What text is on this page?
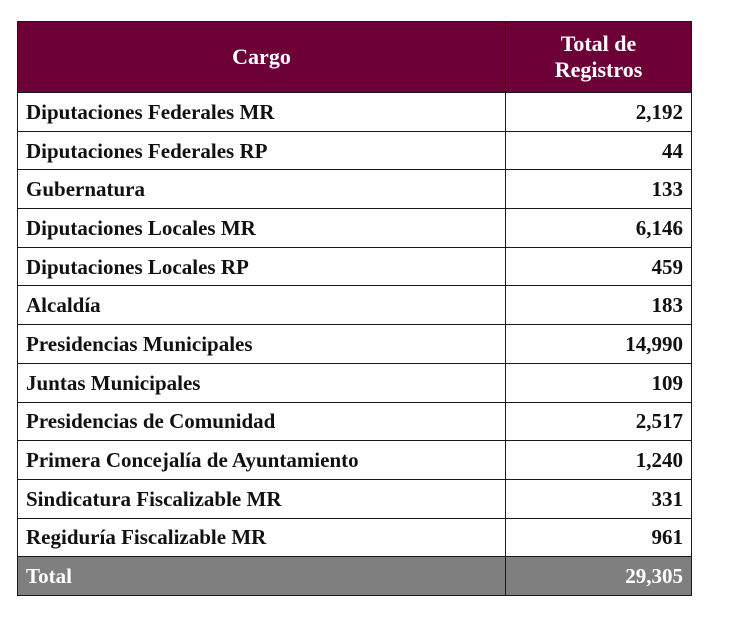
Cargo	Total de
Registros
Diputaciones Federales MR	2,192
Diputaciones Federales RP	44
Gubernatura	133
Diputaciones Locales MR	6,146
Diputaciones Locales RP	459
Alcaldía	183
Presidencias Municipales	14,990
Juntas Municipales	109
Presidencias de Comunidad	2,517
Primera Concejalía de Ayuntamiento	1,240
Sindicatura Fiscalizable MR	331
Regiduría Fiscalizable MR	961
Total	29,305
